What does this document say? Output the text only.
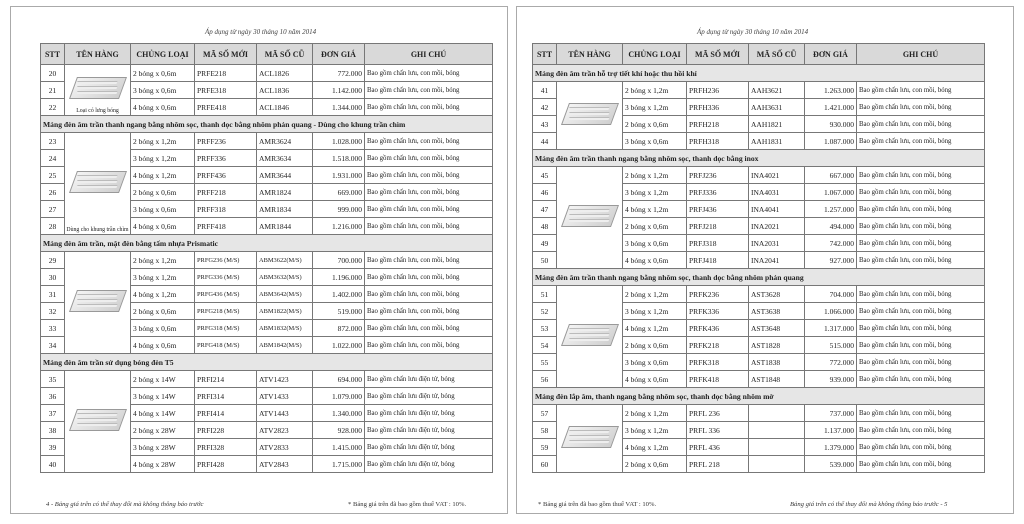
Áp dụng từ ngày 30 tháng 10 năm 2014	Áp dụng từ ngày 30 tháng 10 năm 2014
STT	TÊN HÀNG	CHỦNG LOẠI	MÃ SỐ MỚI	MÃ SỐ CŨ	ĐƠN GIÁ	GHI CHÚ
20	Loại có lưng bóng	2 bóng x 0,6m	PRFE218	ACL1826	772.000	Bao gồm chấn lưu, con mồi, bóng
21		3 bóng x 0,6m	PRFE318	ACL1836	1.142.000	Bao gồm chấn lưu, con mồi, bóng
22		4 bóng x 0,6m	PRFE418	ACL1846	1.344.000	Bao gồm chấn lưu, con mồi, bóng
Máng đèn âm trần thanh ngang bằng nhôm sọc, thanh dọc bằng nhôm phản quang - Dùng cho khung trần chìm						
23	Dùng cho khung trần chìm	2 bóng x 1,2m	PRFF236	AMR3624	1.028.000	Bao gồm chấn lưu, con mồi, bóng
24		3 bóng x 1,2m	PRFF336	AMR3634	1.518.000	Bao gồm chấn lưu, con mồi, bóng
25		4 bóng x 1,2m	PRFF436	AMR3644	1.931.000	Bao gồm chấn lưu, con mồi, bóng
26		2 bóng x 0,6m	PRFF218	AMR1824	669.000	Bao gồm chấn lưu, con mồi, bóng
27		3 bóng x 0,6m	PRFF318	AMR1834	999.000	Bao gồm chấn lưu, con mồi, bóng
28		4 bóng x 0,6m	PRFF418	AMR1844	1.216.000	Bao gồm chấn lưu, con mồi, bóng
Máng đèn âm trần, mặt đèn bằng tấm nhựa Prismatic						
29		2 bóng x 1,2m	PRFG236 (M/S)	ABM3622(M/S)	700.000	Bao gồm chấn lưu, con mồi, bóng
30		3 bóng x 1,2m	PRFG336 (M/S)	ABM3632(M/S)	1.196.000	Bao gồm chấn lưu, con mồi, bóng
31		4 bóng x 1,2m	PRFG436 (M/S)	ABM3642(M/S)	1.402.000	Bao gồm chấn lưu, con mồi, bóng
32		2 bóng x 0,6m	PRFG218 (M/S)	ABM1822(M/S)	519.000	Bao gồm chấn lưu, con mồi, bóng
33		3 bóng x 0,6m	PRFG318 (M/S)	ABM1832(M/S)	872.000	Bao gồm chấn lưu, con mồi, bóng
34		4 bóng x 0,6m	PRFG418 (M/S)	ABM1842(M/S)	1.022.000	Bao gồm chấn lưu, con mồi, bóng
Máng đèn âm trần sử dụng bóng đèn T5						
35		2 bóng x 14W	PRFI214	ATV1423	694.000	Bao gồm chấn lưu điện tử, bóng
36		3 bóng x 14W	PRFI314	ATV1433	1.079.000	Bao gồm chấn lưu điện tử, bóng
37		4 bóng x 14W	PRFI414	ATV1443	1.340.000	Bao gồm chấn lưu điện tử, bóng
38		2 bóng x 28W	PRFI228	ATV2823	928.000	Bao gồm chấn lưu điện tử, bóng
39		3 bóng x 28W	PRFI328	ATV2833	1.415.000	Bao gồm chấn lưu điện tử, bóng
40		4 bóng x 28W	PRFI428	ATV2843	1.715.000	Bao gồm chấn lưu điện tử, bóng
STT	TÊN HÀNG	CHỦNG LOẠI	MÃ SỐ MỚI	MÃ SỐ CŨ	ĐƠN GIÁ	GHI CHÚ
Máng đèn âm trần hỗ trợ tiết khí hoặc thu hồi khí						
41		2 bóng x 1,2m	PRFH236	AAH3621	1.263.000	Bao gồm chấn lưu, con mồi, bóng
42		3 bóng x 1,2m	PRFH336	AAH3631	1.421.000	Bao gồm chấn lưu, con mồi, bóng
43		2 bóng x 0,6m	PRFH218	AAH1821	930.000	Bao gồm chấn lưu, con mồi, bóng
44		3 bóng x 0,6m	PRFH318	AAH1831	1.087.000	Bao gồm chấn lưu, con mồi, bóng
Máng đèn âm trần thanh ngang bằng nhôm sọc, thanh dọc bằng inox						
45		2 bóng x 1,2m	PRFJ236	INA4021	667.000	Bao gồm chấn lưu, con mồi, bóng
46		3 bóng x 1,2m	PRFJ336	INA4031	1.067.000	Bao gồm chấn lưu, con mồi, bóng
47		4 bóng x 1,2m	PRFJ436	INA4041	1.257.000	Bao gồm chấn lưu, con mồi, bóng
48		2 bóng x 0,6m	PRFJ218	INA2021	494.000	Bao gồm chấn lưu, con mồi, bóng
49		3 bóng x 0,6m	PRFJ318	INA2031	742.000	Bao gồm chấn lưu, con mồi, bóng
50		4 bóng x 0,6m	PRFJ418	INA2041	927.000	Bao gồm chấn lưu, con mồi, bóng
Máng đèn âm trần thanh ngang bằng nhôm sọc, thanh dọc bằng nhôm phản quang						
51		2 bóng x 1,2m	PRFK236	AST3628	704.000	Bao gồm chấn lưu, con mồi, bóng
52		3 bóng x 1,2m	PRFK336	AST3638	1.066.000	Bao gồm chấn lưu, con mồi, bóng
53		4 bóng x 1,2m	PRFK436	AST3648	1.317.000	Bao gồm chấn lưu, con mồi, bóng
54		2 bóng x 0,6m	PRFK218	AST1828	515.000	Bao gồm chấn lưu, con mồi, bóng
55		3 bóng x 0,6m	PRFK318	AST1838	772.000	Bao gồm chấn lưu, con mồi, bóng
56		4 bóng x 0,6m	PRFK418	AST1848	939.000	Bao gồm chấn lưu, con mồi, bóng
Máng đèn lắp âm, thanh ngang bằng nhôm sọc, thanh dọc bằng nhôm mờ						
57		2 bóng x 1,2m	PRFL 236		737.000	Bao gồm chấn lưu, con mồi, bóng
58		3 bóng x 1,2m	PRFL 336		1.137.000	Bao gồm chấn lưu, con mồi, bóng
59		4 bóng x 1,2m	PRFL 436		1.379.000	Bao gồm chấn lưu, con mồi, bóng
60		2 bóng x 0,6m	PRFL 218		539.000	Bao gồm chấn lưu, con mồi, bóng
4 - Bảng giá trên có thể thay đổi mà không thông báo trước	* Bảng giá trên đã bao gồm thuế VAT : 10%.	* Bảng giá trên đã bao gồm thuế VAT : 10%.	Bảng giá trên có thể thay đổi mà không thông báo trước - 5
